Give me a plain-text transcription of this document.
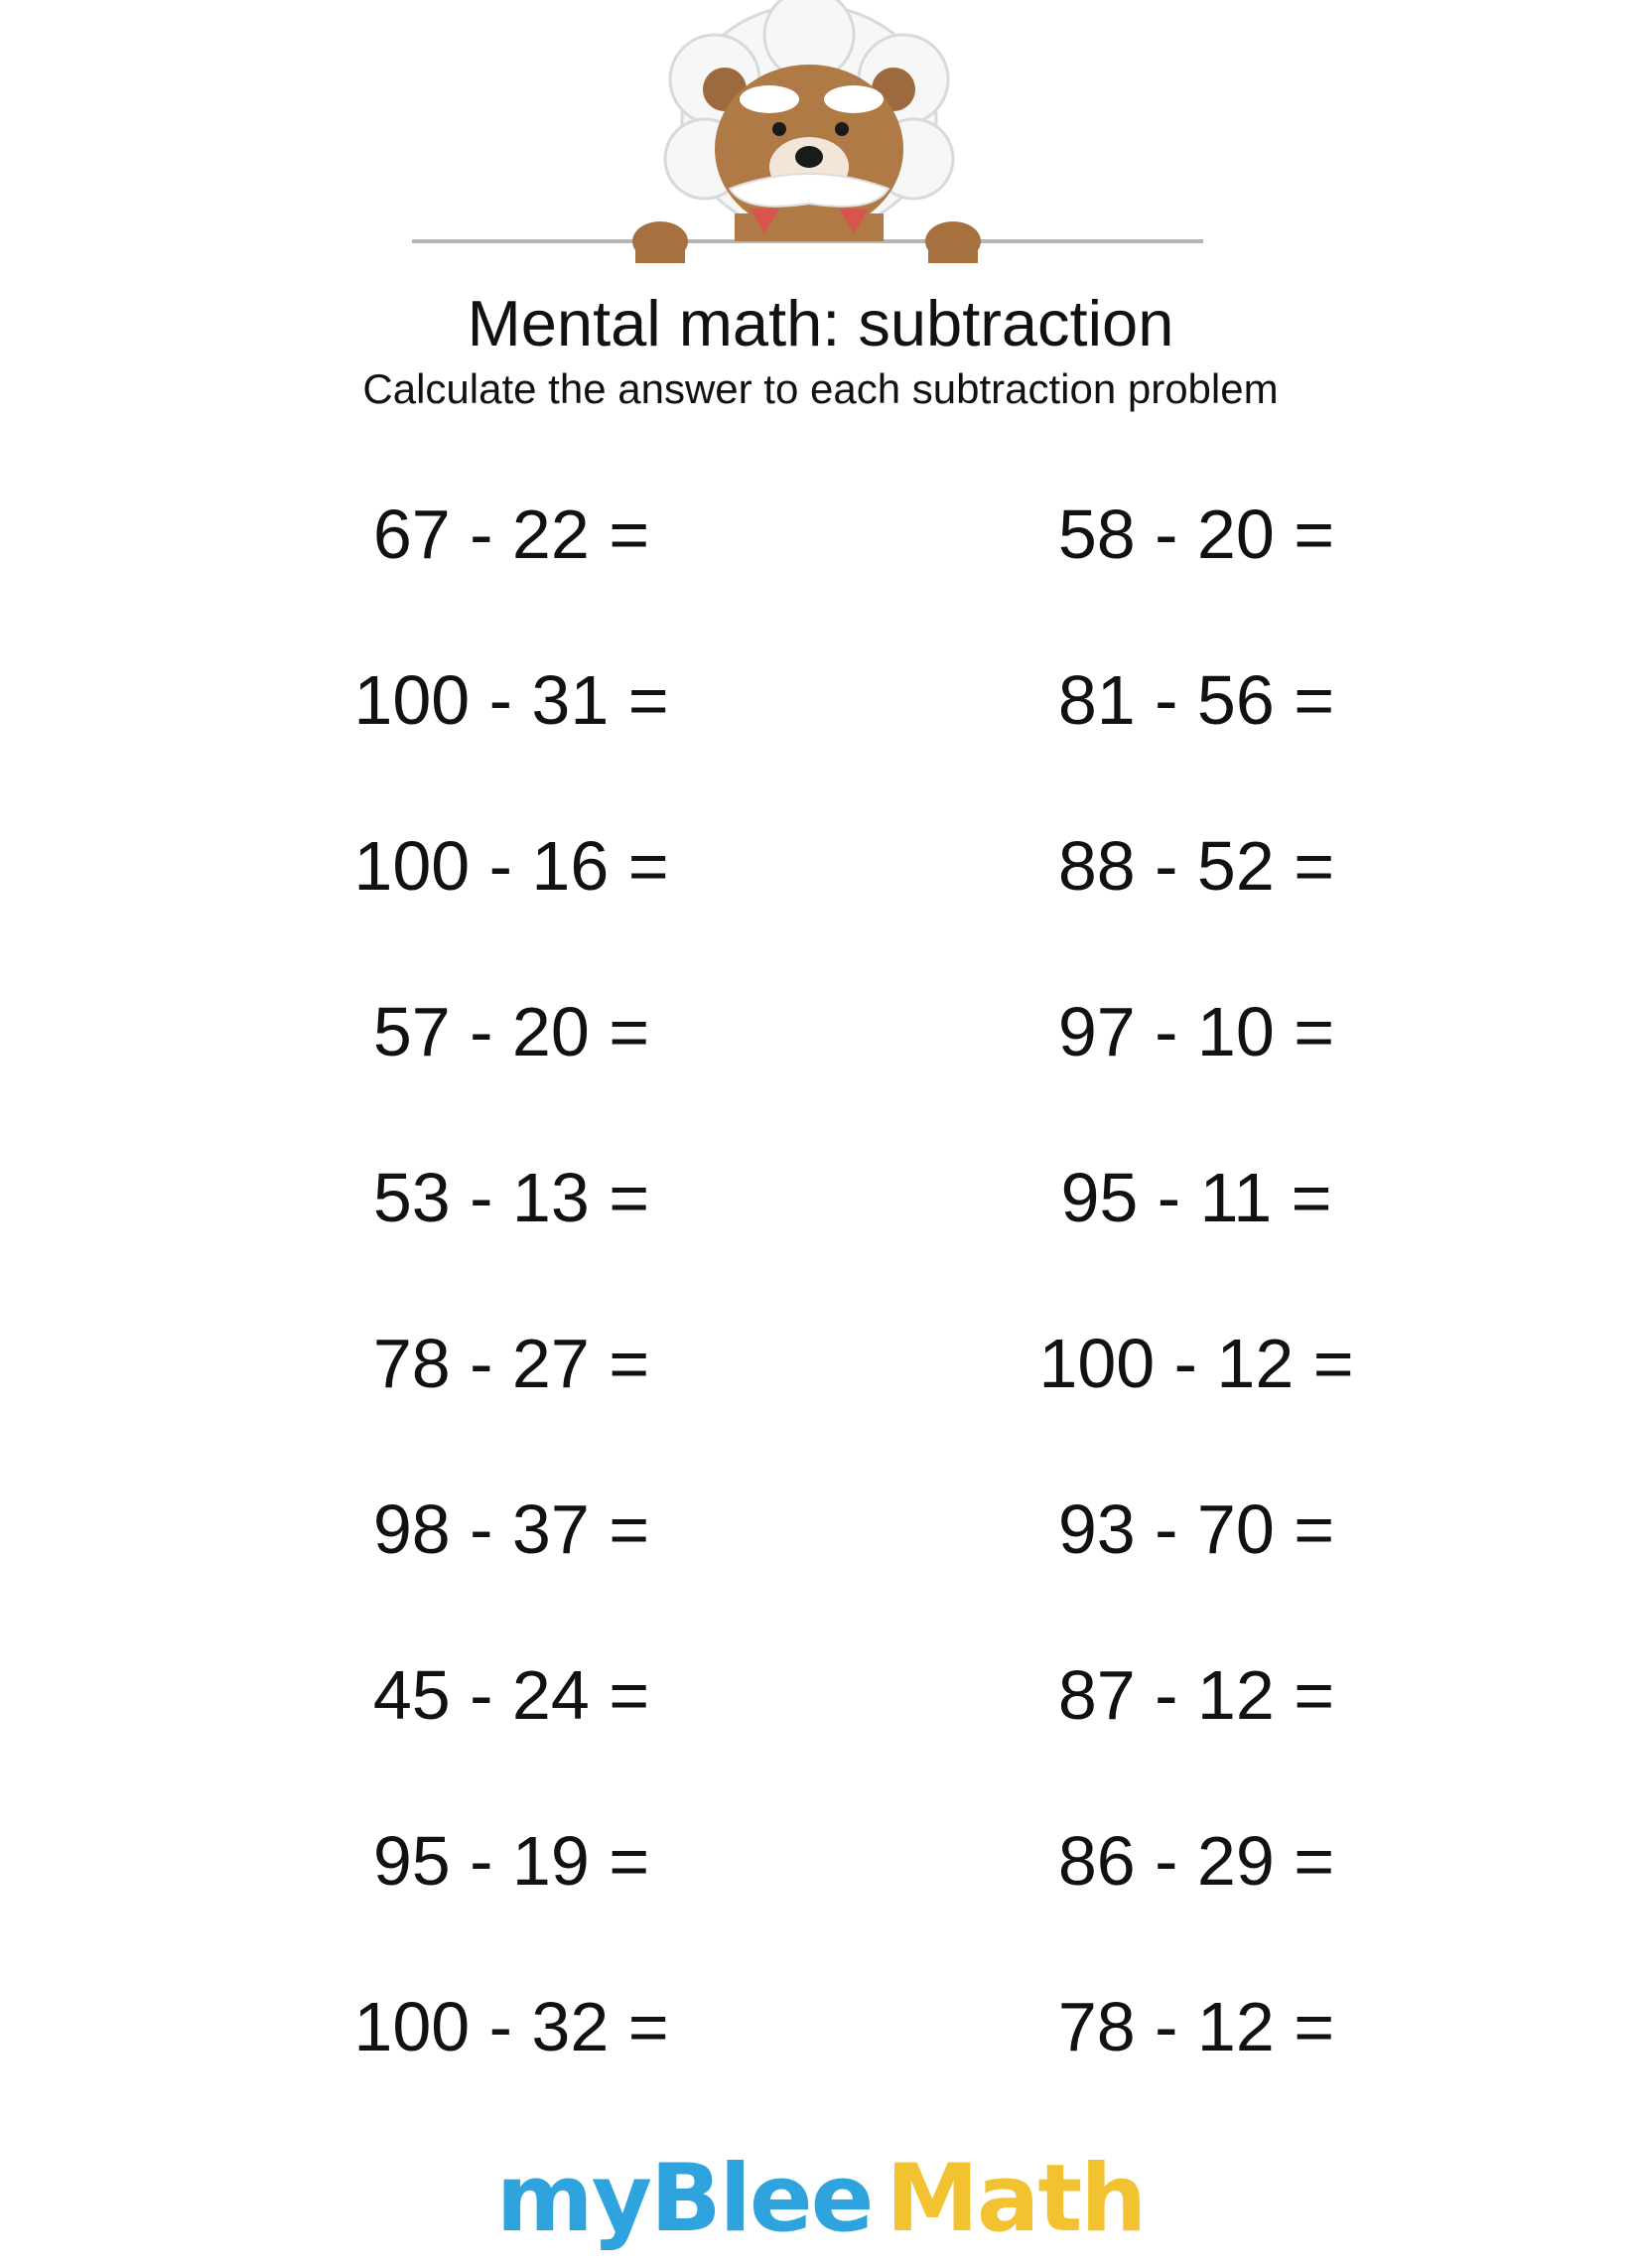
Mental math: subtraction
Calculate the answer to each subtraction problem
67 - 22 =
100 - 31 =
100 - 16 =
57 - 20 =
53 - 13 =
78 - 27 =
98 - 37 =
45 - 24 =
95 - 19 =
100 - 32 =
58 - 20 =
81 - 56 =
88 - 52 =
97 - 10 =
95 - 11 =
100 - 12 =
93 - 70 =
87 - 12 =
86 - 29 =
78 - 12 =
myBlee Math
